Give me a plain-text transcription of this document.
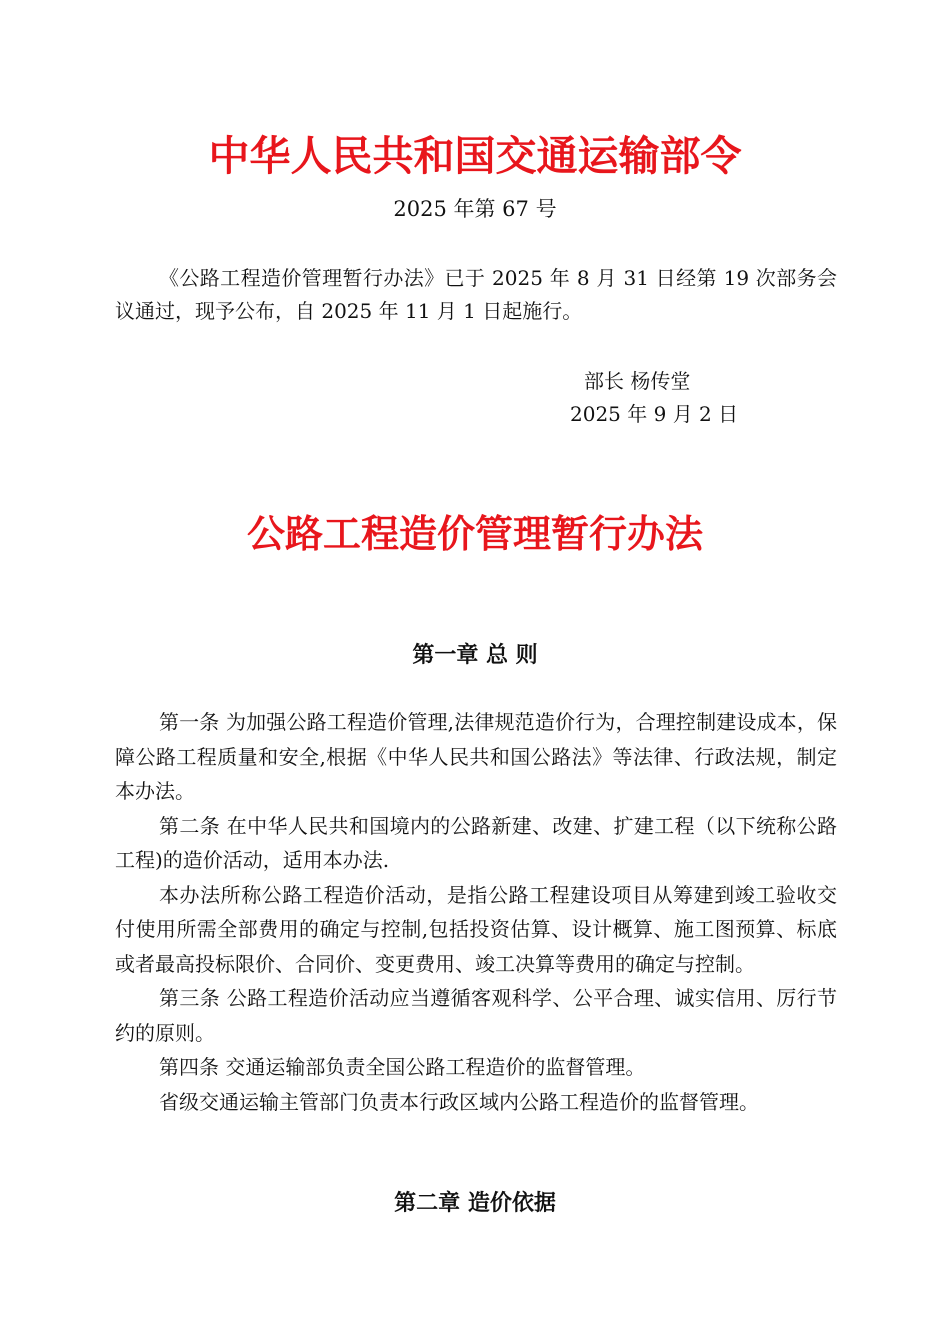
中华人民共和国交通运输部令
2025 年第 67 号

《公路工程造价管理暂行办法》已于 2025 年 8 月 31 日经第 19 次部务会议通过，现予公布，自 2025 年 11 月 1 日起施行。

部长 杨传堂
2025 年 9 月 2 日
公路工程造价管理暂行办法
第一章 总 则

第一条 为加强公路工程造价管理,法律规范造价行为，合理控制建设成本，保障公路工程质量和安全,根据《中华人民共和国公路法》等法律、行政法规，制定本办法。

第二条 在中华人民共和国境内的公路新建、改建、扩建工程（以下统称公路工程)的造价活动，适用本办法.

本办法所称公路工程造价活动，是指公路工程建设项目从筹建到竣工验收交付使用所需全部费用的确定与控制,包括投资估算、设计概算、施工图预算、标底或者最高投标限价、合同价、变更费用、竣工决算等费用的确定与控制。

第三条 公路工程造价活动应当遵循客观科学、公平合理、诚实信用、厉行节约的原则。

第四条 交通运输部负责全国公路工程造价的监督管理。

省级交通运输主管部门负责本行政区域内公路工程造价的监督管理。

第二章 造价依据
